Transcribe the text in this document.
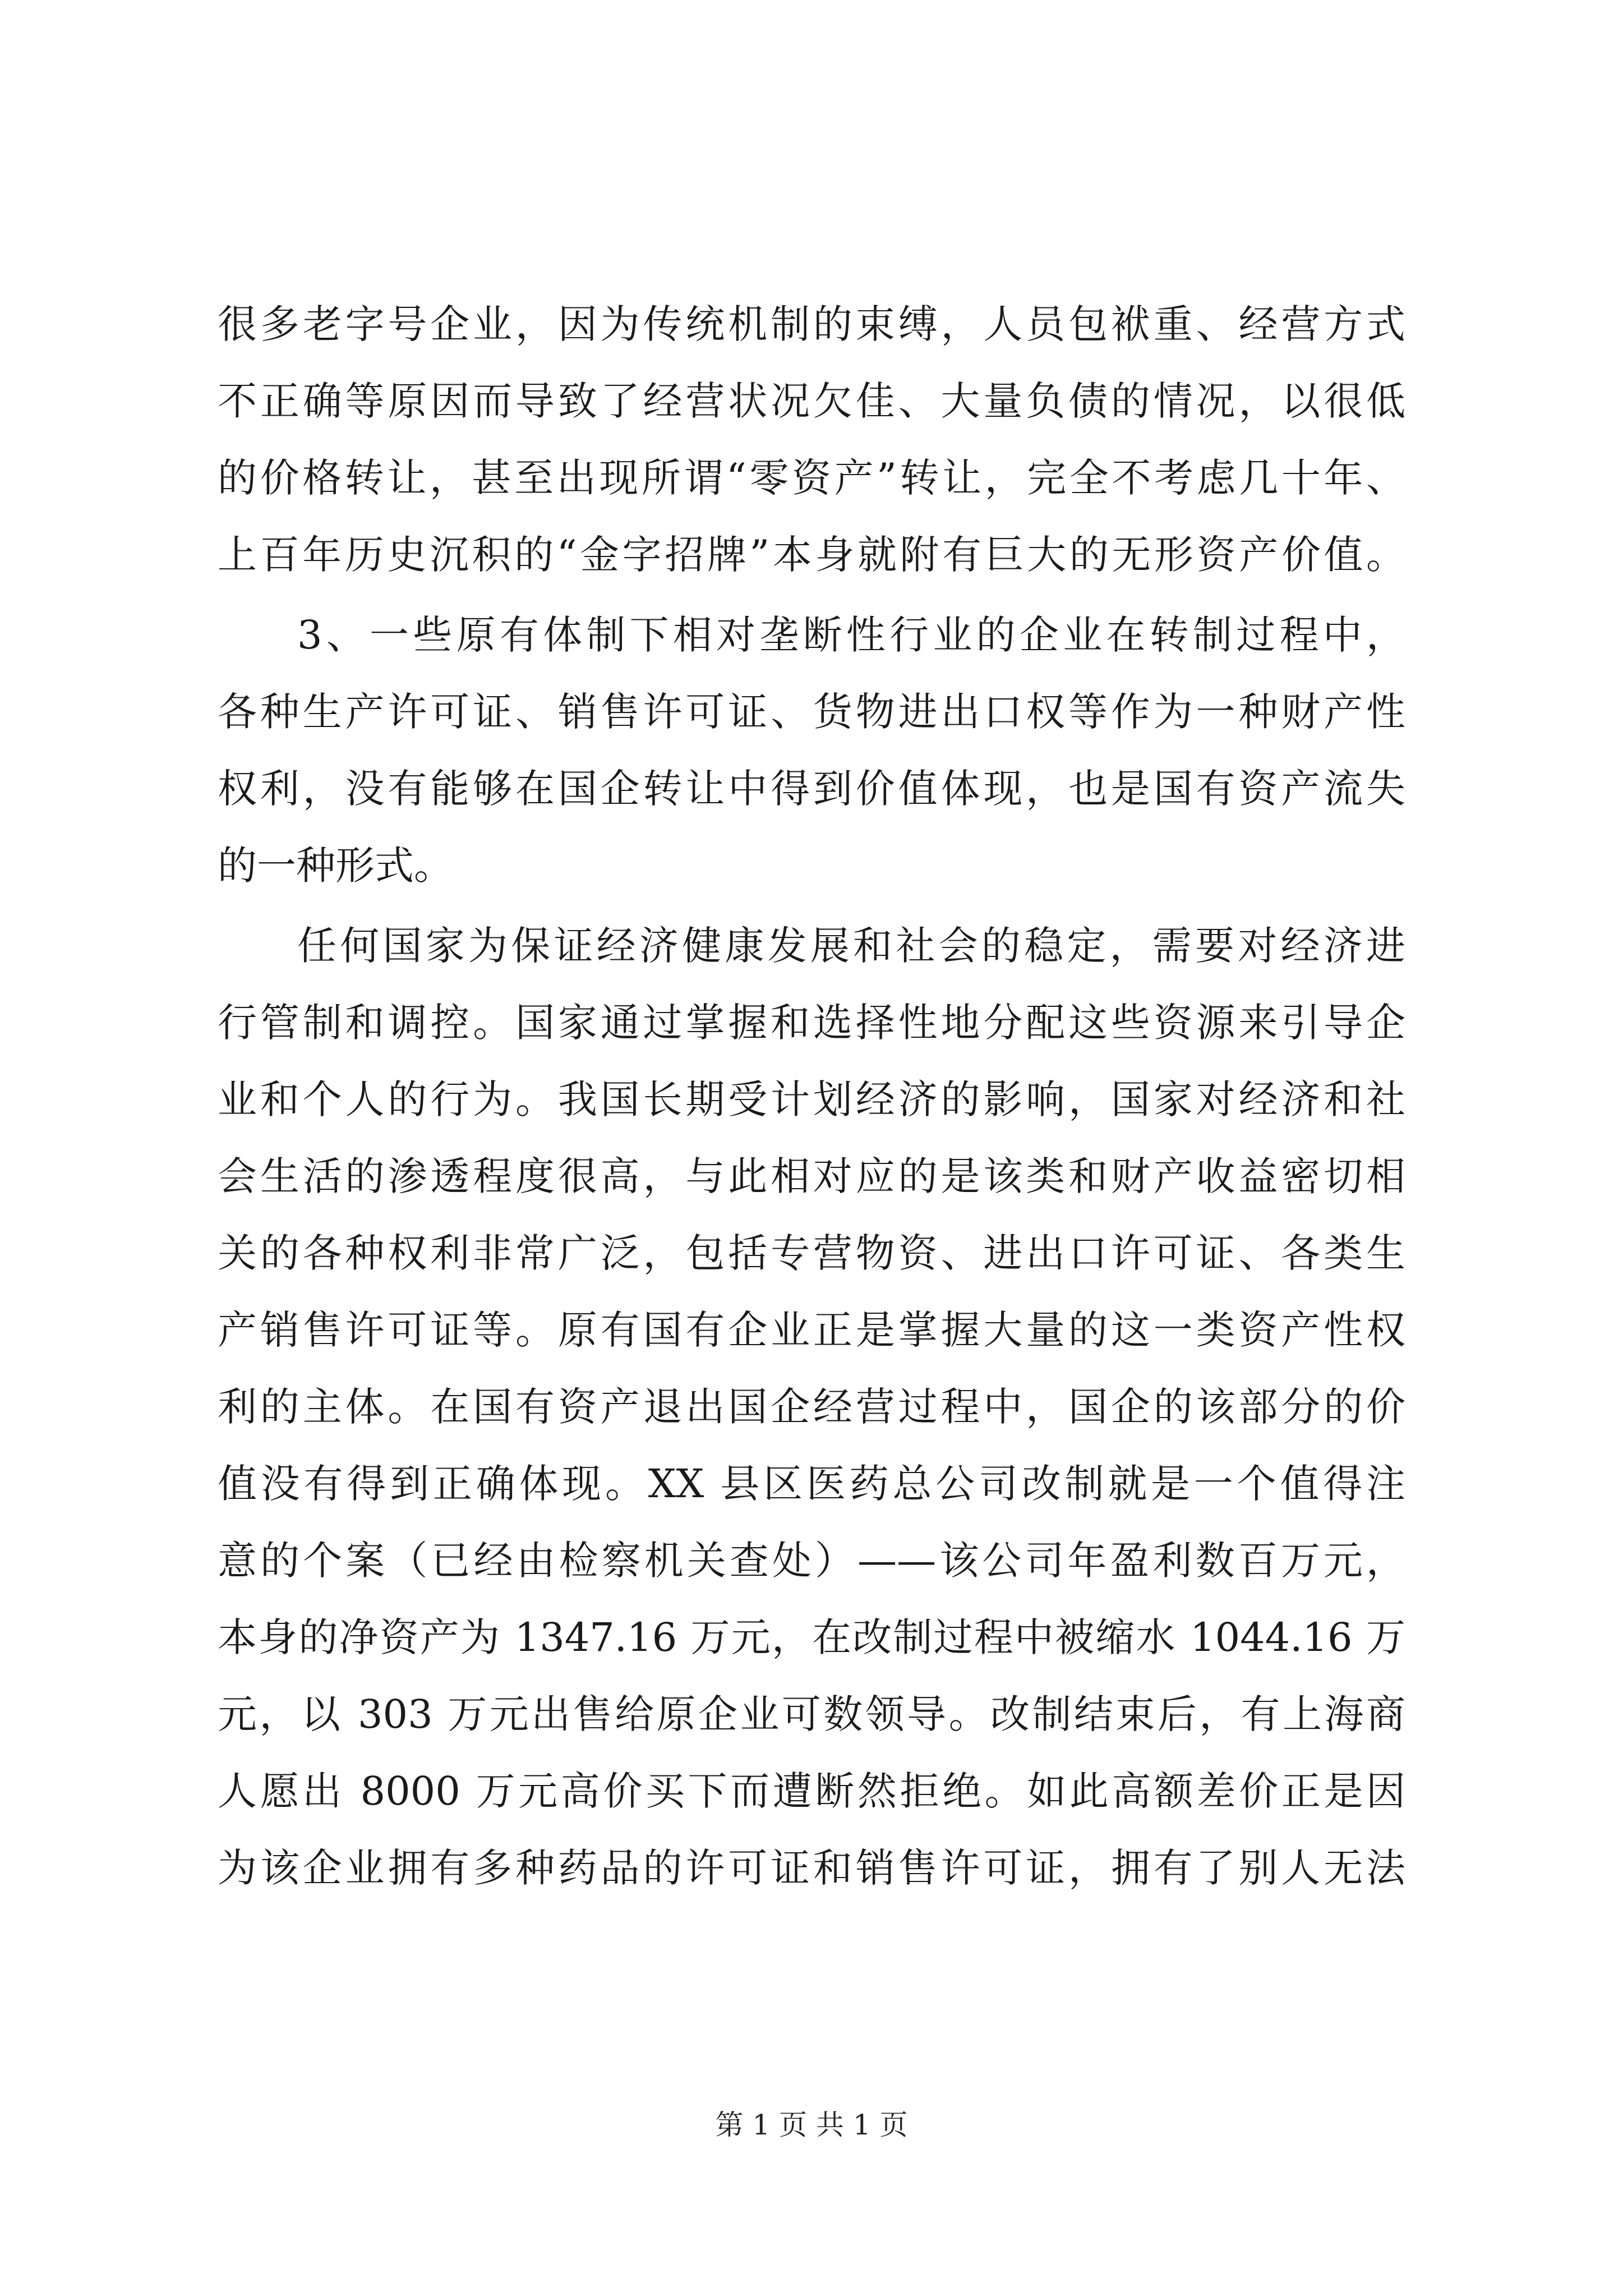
很多老字号企业，因为传统机制的束缚，人员包袱重、经营方式
不正确等原因而导致了经营状况欠佳、大量负债的情况，以很低
的价格转让，甚至出现所谓“零资产”转让，完全不考虑几十年、
上百年历史沉积的“金字招牌”本身就附有巨大的无形资产价值。
3、一些原有体制下相对垄断性行业的企业在转制过程中，
各种生产许可证、销售许可证、货物进出口权等作为一种财产性
权利，没有能够在国企转让中得到价值体现，也是国有资产流失
的一种形式。
任何国家为保证经济健康发展和社会的稳定，需要对经济进
行管制和调控。国家通过掌握和选择性地分配这些资源来引导企
业和个人的行为。我国长期受计划经济的影响，国家对经济和社
会生活的渗透程度很高，与此相对应的是该类和财产收益密切相
关的各种权利非常广泛，包括专营物资、进出口许可证、各类生
产销售许可证等。原有国有企业正是掌握大量的这一类资产性权
利的主体。在国有资产退出国企经营过程中，国企的该部分的价
值没有得到正确体现。XX 县区医药总公司改制就是一个值得注
意的个案（已经由检察机关查处）——该公司年盈利数百万元，
本身的净资产为 1347.16 万元，在改制过程中被缩水 1044.16 万
元，以 303 万元出售给原企业可数领导。改制结束后，有上海商
人愿出 8000 万元高价买下而遭断然拒绝。如此高额差价正是因
为该企业拥有多种药品的许可证和销售许可证，拥有了别人无法
第 1 页 共 1 页
